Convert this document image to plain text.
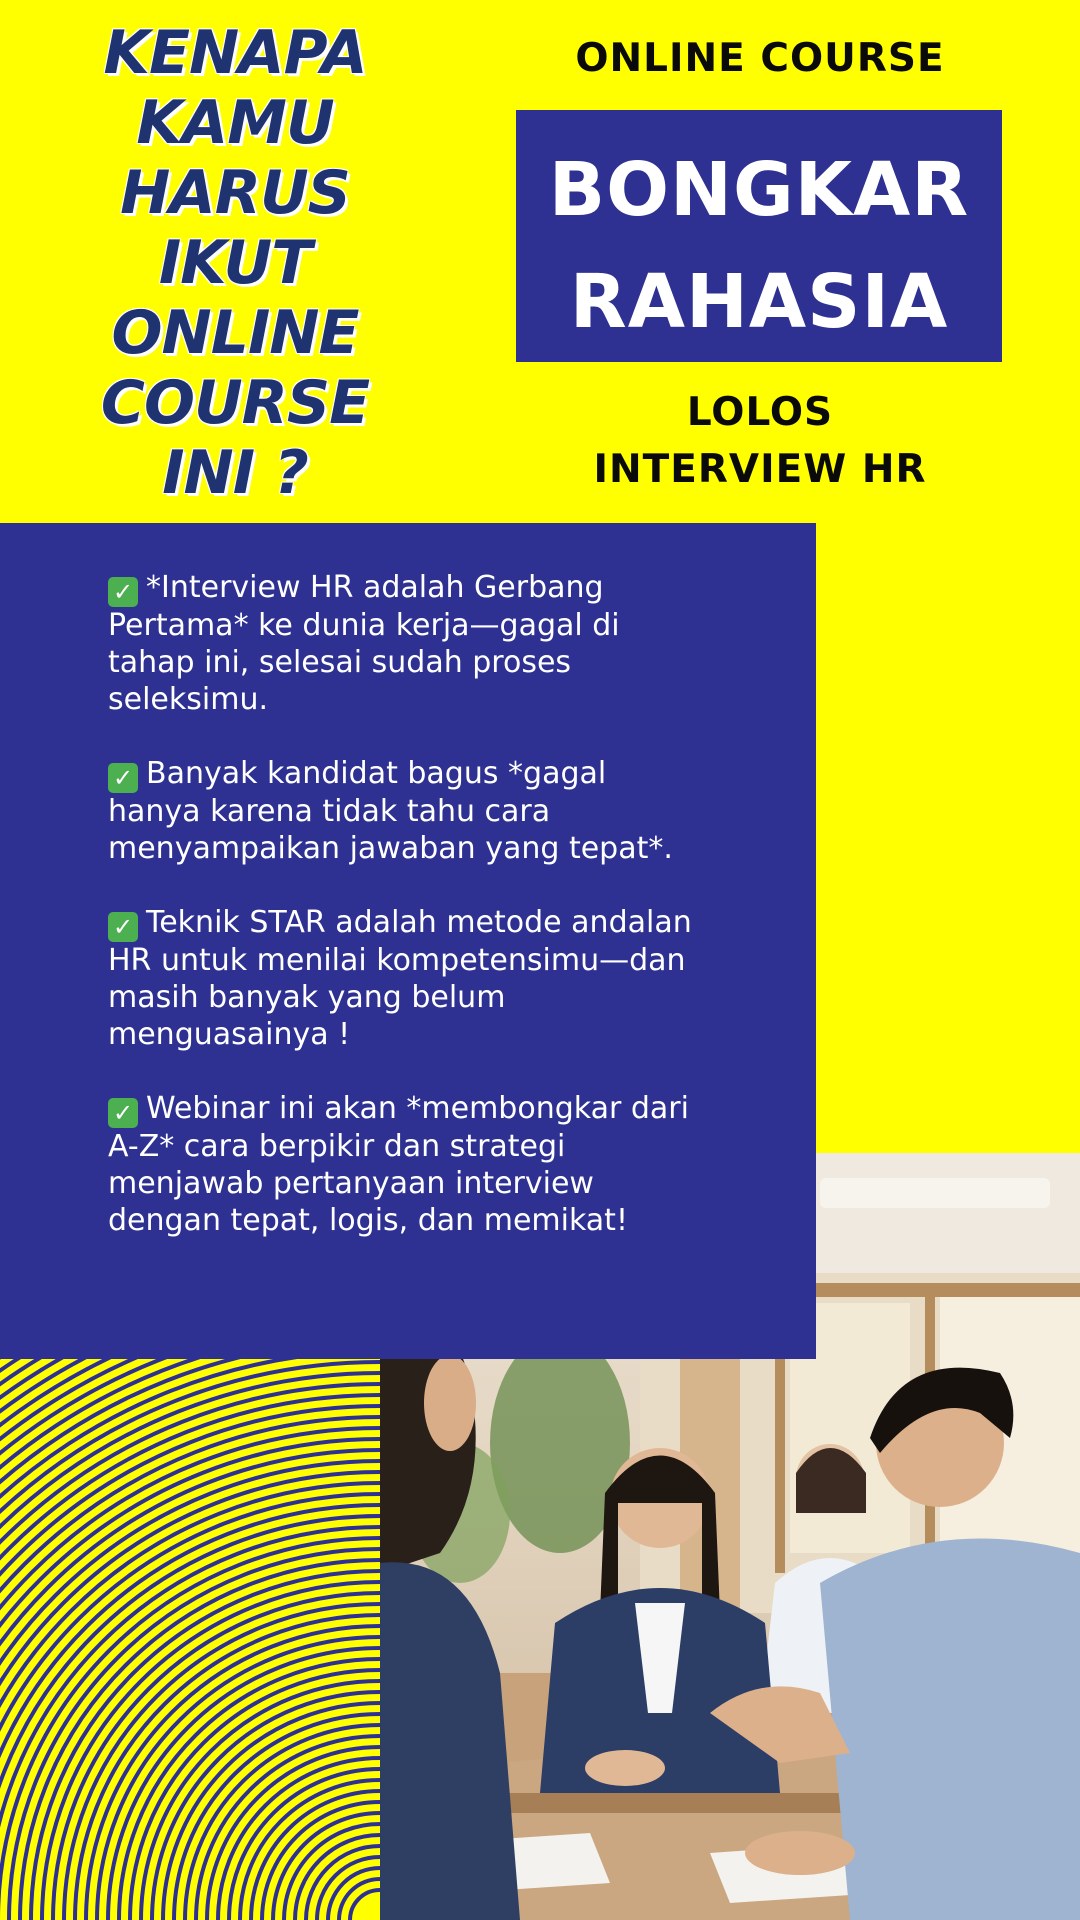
KENAPA
KAMU
HARUS
IKUT
ONLINE
COURSE
INI ?

ONLINE COURSE

BONGKAR
RAHASIA
LOLOS
INTERVIEW HR
✓ *Interview HR adalah Gerbang Pertama* ke dunia kerja—gagal di tahap ini, selesai sudah proses seleksimu.
✓ Banyak kandidat bagus *gagal hanya karena tidak tahu cara menyampaikan jawaban yang tepat*.
✓ Teknik STAR adalah metode andalan HR untuk menilai kompetensimu—dan masih banyak yang belum menguasainya !
✓ Webinar ini akan *membongkar dari A-Z* cara berpikir dan strategi menjawab pertanyaan interview dengan tepat, logis, dan memikat!
